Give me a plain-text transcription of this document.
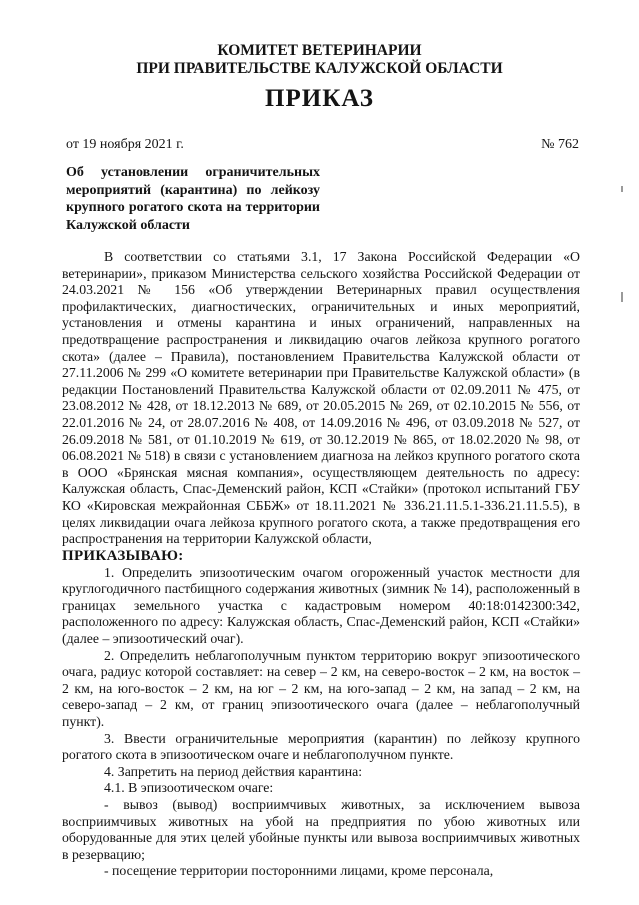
КОМИТЕТ ВЕТЕРИНАРИИ
ПРИ ПРАВИТЕЛЬСТВЕ КАЛУЖСКОЙ ОБЛАСТИ
ПРИКАЗ
от 19 ноября 2021 г.	№ 762
Об установлении ограничительных
мероприятий (карантина) по лейкозу
крупного рогатого скота на территории
Калужской области

В соответствии со статьями 3.1, 17 Закона Российской Федерации «О ветеринарии», приказом Министерства сельского хозяйства Российской Федерации от 24.03.2021 № 156 «Об утверждении Ветеринарных правил осуществления профилактических, диагностических, ограничительных и иных мероприятий, установления и отмены карантина и иных ограничений, направленных на предотвращение распространения и ликвидацию очагов лейкоза крупного рогатого скота» (далее – Правила), постановлением Правительства Калужской области от 27.11.2006 № 299 «О комитете ветеринарии при Правительстве Калужской области» (в редакции Постановлений Правительства Калужской области от 02.09.2011 № 475, от 23.08.2012 № 428, от 18.12.2013 № 689, от 20.05.2015 № 269, от 02.10.2015 № 556, от 22.01.2016 № 24, от 28.07.2016 № 408, от 14.09.2016 № 496, от 03.09.2018 № 527, от 26.09.2018 № 581, от 01.10.2019 № 619, от 30.12.2019 № 865, от 18.02.2020 № 98, от 06.08.2021 № 518) в связи с установлением диагноза на лейкоз крупного рогатого скота в ООО «Брянская мясная компания», осуществляющем деятельность по адресу: Калужская область, Спас-Деменский район, КСП «Стайки» (протокол испытаний ГБУ КО «Кировская межрайонная СББЖ» от 18.11.2021 № 336.21.11.5.1-336.21.11.5.5), в целях ликвидации очага лейкоза крупного рогатого скота, а также предотвращения его распространения на территории Калужской области,

ПРИКАЗЫВАЮ:

1. Определить эпизоотическим очагом огороженный участок местности для круглогодичного пастбищного содержания животных (зимник № 14), расположенный в границах земельного участка с кадастровым номером 40:18:0142300:342, расположенного по адресу: Калужская область, Спас-Деменский район, КСП «Стайки» (далее – эпизоотический очаг).

2. Определить неблагополучным пунктом территорию вокруг эпизоотического очага, радиус которой составляет: на север – 2 км, на северо-восток – 2 км, на восток – 2 км, на юго-восток – 2 км, на юг – 2 км, на юго-запад – 2 км, на запад – 2 км, на северо-запад – 2 км, от границ эпизоотического очага (далее – неблагополучный пункт).

3. Ввести ограничительные мероприятия (карантин) по лейкозу крупного рогатого скота в эпизоотическом очаге и неблагополучном пункте.

4. Запретить на период действия карантина:

4.1. В эпизоотическом очаге:

- вывоз (вывод) восприимчивых животных, за исключением вывоза восприимчивых животных на убой на предприятия по убою животных или оборудованные для этих целей убойные пункты или вывоза восприимчивых животных в резервацию;

- посещение территории посторонними лицами, кроме персонала,
